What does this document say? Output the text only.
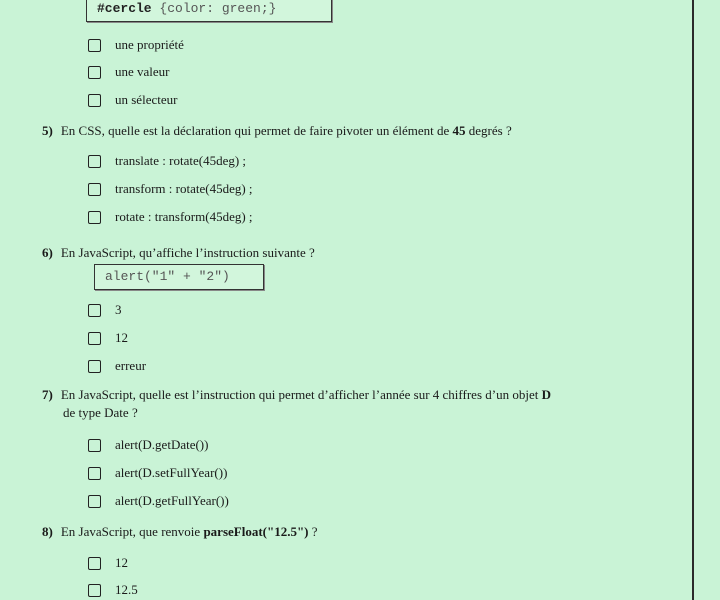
#cercle {color: green;}
une propriété
une valeur
un sélecteur
5) En CSS, quelle est la déclaration qui permet de faire pivoter un élément de 45 degrés ?
translate : rotate(45deg) ;
transform : rotate(45deg) ;
rotate : transform(45deg) ;
6) En JavaScript, qu’affiche l’instruction suivante ?
alert("1" + "2")
3
12
erreur
7) En JavaScript, quelle est l’instruction qui permet d’afficher l’année sur 4 chiffres d’un objet D
de type Date ?
alert(D.getDate())
alert(D.setFullYear())
alert(D.getFullYear())
8) En JavaScript, que renvoie parseFloat("12.5") ?
12
12.5
